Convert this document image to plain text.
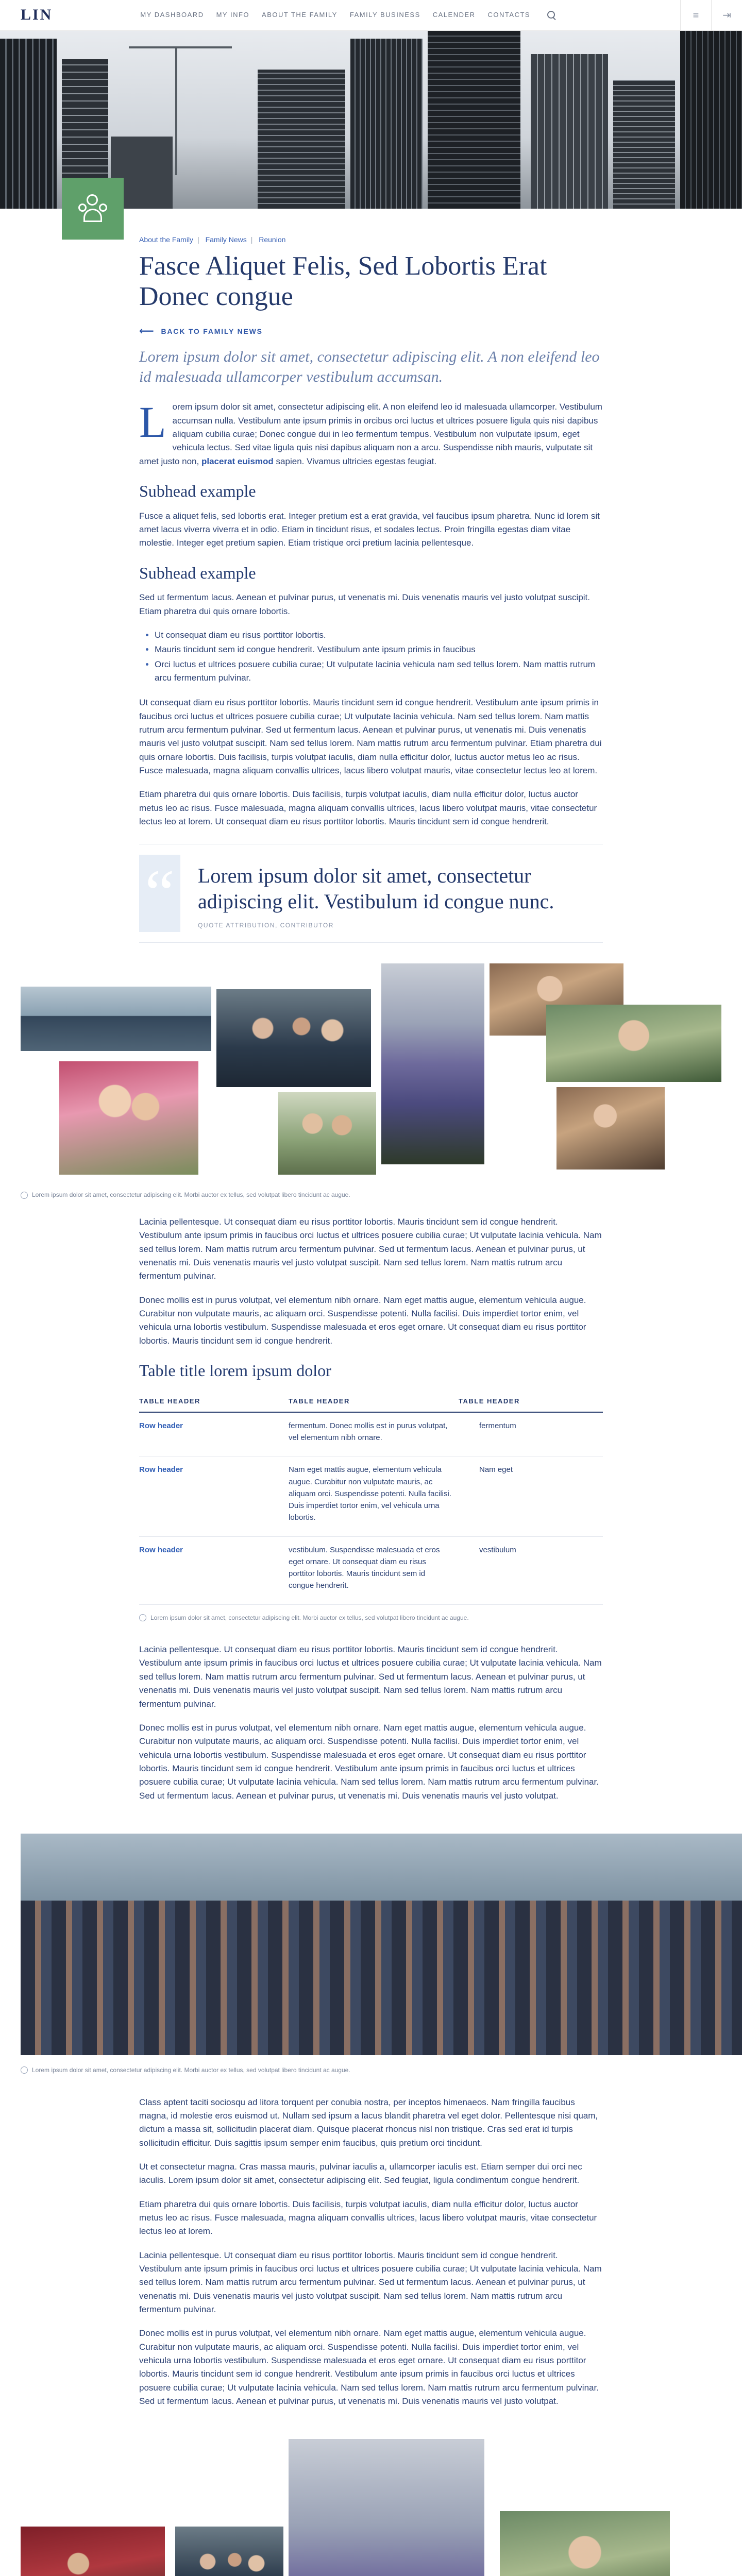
LIN	MY DASHBOARD MY INFO ABOUT THE FAMILY FAMILY BUSINESS CALENDER CONTACTS	≡	⇥
About the Family | Family News | Reunion
Fasce Aliquet Felis, Sed Lobortis Erat Donec congue
⟵ BACK TO FAMILY NEWS

Lorem ipsum dolor sit amet, consectetur adipiscing elit. A non eleifend leo id malesuada ullamcorper vestibulum accumsan.

L orem ipsum dolor sit amet, consectetur adipiscing elit. A non eleifend leo id malesuada ullamcorper. Vestibulum accumsan nulla. Vestibulum ante ipsum primis in orcibus orci luctus et ultrices posuere ligula quis nisi dapibus aliquam cubilia curae; Donec congue dui in leo fermentum tempus. Vestibulum non vulputate ipsum, eget vehicula lectus. Sed vitae ligula quis nisi dapibus aliquam non a arcu. Suspendisse nibh mauris, vulputate sit amet justo non, placerat euismod sapien. Vivamus ultricies egestas feugiat.

Subhead example

Fusce a aliquet felis, sed lobortis erat. Integer pretium est a erat gravida, vel faucibus ipsum pharetra. Nunc id lorem sit amet lacus viverra viverra et in odio. Etiam in tincidunt risus, et sodales lectus. Proin fringilla egestas diam vitae molestie. Integer eget pretium sapien. Etiam tristique orci pretium lacinia pellentesque.

Subhead example

Sed ut fermentum lacus. Aenean et pulvinar purus, ut venenatis mi. Duis venenatis mauris vel justo volutpat suscipit. Etiam pharetra dui quis ornare lobortis.

• Ut consequat diam eu risus porttitor lobortis.
• Mauris tincidunt sem id congue hendrerit. Vestibulum ante ipsum primis in faucibus
• Orci luctus et ultrices posuere cubilia curae; Ut vulputate lacinia vehicula nam sed tellus lorem. Nam mattis rutrum arcu fermentum pulvinar.

Ut consequat diam eu risus porttitor lobortis. Mauris tincidunt sem id congue hendrerit. Vestibulum ante ipsum primis in faucibus orci luctus et ultrices posuere cubilia curae; Ut vulputate lacinia vehicula. Nam sed tellus lorem. Nam mattis rutrum arcu fermentum pulvinar. Sed ut fermentum lacus. Aenean et pulvinar purus, ut venenatis mi. Duis venenatis mauris vel justo volutpat suscipit. Nam sed tellus lorem. Nam mattis rutrum arcu fermentum pulvinar. Etiam pharetra dui quis ornare lobortis. Duis facilisis, turpis volutpat iaculis, diam nulla efficitur dolor, luctus auctor metus leo ac risus. Fusce malesuada, magna aliquam convallis ultrices, lacus libero volutpat mauris, vitae consectetur lectus leo at lorem.

Etiam pharetra dui quis ornare lobortis. Duis facilisis, turpis volutpat iaculis, diam nulla efficitur dolor, luctus auctor metus leo ac risus. Fusce malesuada, magna aliquam convallis ultrices, lacus libero volutpat mauris, vitae consectetur lectus leo at lorem. Ut consequat diam eu risus porttitor lobortis. Mauris tincidunt sem id congue hendrerit.

“ Lorem ipsum dolor sit amet, consectetur adipiscing elit. Vestibulum id congue nunc.
QUOTE ATTRIBUTION, CONTRIBUTOR
Lorem ipsum dolor sit amet, consectetur adipiscing elit. Morbi auctor ex tellus, sed volutpat libero tincidunt ac augue.

Lacinia pellentesque. Ut consequat diam eu risus porttitor lobortis. Mauris tincidunt sem id congue hendrerit. Vestibulum ante ipsum primis in faucibus orci luctus et ultrices posuere cubilia curae; Ut vulputate lacinia vehicula. Nam sed tellus lorem. Nam mattis rutrum arcu fermentum pulvinar. Sed ut fermentum lacus. Aenean et pulvinar purus, ut venenatis mi. Duis venenatis mauris vel justo volutpat suscipit. Nam sed tellus lorem. Nam mattis rutrum arcu fermentum pulvinar.

Donec mollis est in purus volutpat, vel elementum nibh ornare. Nam eget mattis augue, elementum vehicula augue. Curabitur non vulputate mauris, ac aliquam orci. Suspendisse potenti. Nulla facilisi. Duis imperdiet tortor enim, vel vehicula urna lobortis vestibulum. Suspendisse malesuada et eros eget ornare. Ut consequat diam eu risus porttitor lobortis. Mauris tincidunt sem id congue hendrerit.

Table title lorem ipsum dolor
TABLE HEADER	TABLE HEADER	TABLE HEADER
Row header	fermentum. Donec mollis est in purus volutpat, vel elementum nibh ornare.	fermentum
Row header	Nam eget mattis augue, elementum vehicula augue. Curabitur non vulputate mauris, ac aliquam orci. Suspendisse potenti. Nulla facilisi. Duis imperdiet tortor enim, vel vehicula urna lobortis.	Nam eget
Row header	vestibulum. Suspendisse malesuada et eros eget ornare. Ut consequat diam eu risus porttitor lobortis. Mauris tincidunt sem id congue hendrerit.	vestibulum
Lorem ipsum dolor sit amet, consectetur adipiscing elit. Morbi auctor ex tellus, sed volutpat libero tincidunt ac augue.

Lacinia pellentesque. Ut consequat diam eu risus porttitor lobortis. Mauris tincidunt sem id congue hendrerit. Vestibulum ante ipsum primis in faucibus orci luctus et ultrices posuere cubilia curae; Ut vulputate lacinia vehicula. Nam sed tellus lorem. Nam mattis rutrum arcu fermentum pulvinar. Sed ut fermentum lacus. Aenean et pulvinar purus, ut venenatis mi. Duis venenatis mauris vel justo volutpat suscipit. Nam sed tellus lorem. Nam mattis rutrum arcu fermentum pulvinar.

Donec mollis est in purus volutpat, vel elementum nibh ornare. Nam eget mattis augue, elementum vehicula augue. Curabitur non vulputate mauris, ac aliquam orci. Suspendisse potenti. Nulla facilisi. Duis imperdiet tortor enim, vel vehicula urna lobortis vestibulum. Suspendisse malesuada et eros eget ornare. Ut consequat diam eu risus porttitor lobortis. Mauris tincidunt sem id congue hendrerit. Vestibulum ante ipsum primis in faucibus orci luctus et ultrices posuere cubilia curae; Ut vulputate lacinia vehicula. Nam sed tellus lorem. Nam mattis rutrum arcu fermentum pulvinar. Sed ut fermentum lacus. Aenean et pulvinar purus, ut venenatis mi. Duis venenatis mauris vel justo volutpat.

Lorem ipsum dolor sit amet, consectetur adipiscing elit. Morbi auctor ex tellus, sed volutpat libero tincidunt ac augue.

Class aptent taciti sociosqu ad litora torquent per conubia nostra, per inceptos himenaeos. Nam fringilla faucibus magna, id molestie eros euismod ut. Nullam sed ipsum a lacus blandit pharetra vel eget dolor. Pellentesque nisi quam, dictum a massa sit, sollicitudin placerat diam. Quisque placerat rhoncus nisl non tristique. Cras sed erat id turpis sollicitudin efficitur. Duis sagittis ipsum semper enim faucibus, quis pretium orci tincidunt.

Ut et consectetur magna. Cras massa mauris, pulvinar iaculis a, ullamcorper iaculis est. Etiam semper dui orci nec iaculis. Lorem ipsum dolor sit amet, consectetur adipiscing elit. Sed feugiat, ligula condimentum congue hendrerit.

Etiam pharetra dui quis ornare lobortis. Duis facilisis, turpis volutpat iaculis, diam nulla efficitur dolor, luctus auctor metus leo ac risus. Fusce malesuada, magna aliquam convallis ultrices, lacus libero volutpat mauris, vitae consectetur lectus leo at lorem.

Lacinia pellentesque. Ut consequat diam eu risus porttitor lobortis. Mauris tincidunt sem id congue hendrerit. Vestibulum ante ipsum primis in faucibus orci luctus et ultrices posuere cubilia curae; Ut vulputate lacinia vehicula. Nam sed tellus lorem. Nam mattis rutrum arcu fermentum pulvinar. Sed ut fermentum lacus. Aenean et pulvinar purus, ut venenatis mi. Duis venenatis mauris vel justo volutpat suscipit. Nam sed tellus lorem. Nam mattis rutrum arcu fermentum pulvinar.

Donec mollis est in purus volutpat, vel elementum nibh ornare. Nam eget mattis augue, elementum vehicula augue. Curabitur non vulputate mauris, ac aliquam orci. Suspendisse potenti. Nulla facilisi. Duis imperdiet tortor enim, vel vehicula urna lobortis vestibulum. Suspendisse malesuada et eros eget ornare. Ut consequat diam eu risus porttitor lobortis. Mauris tincidunt sem id congue hendrerit. Vestibulum ante ipsum primis in faucibus orci luctus et ultrices posuere cubilia curae; Ut vulputate lacinia vehicula. Nam sed tellus lorem. Nam mattis rutrum arcu fermentum pulvinar. Sed ut fermentum lacus. Aenean et pulvinar purus, ut venenatis mi. Duis venenatis mauris vel justo volutpat.
